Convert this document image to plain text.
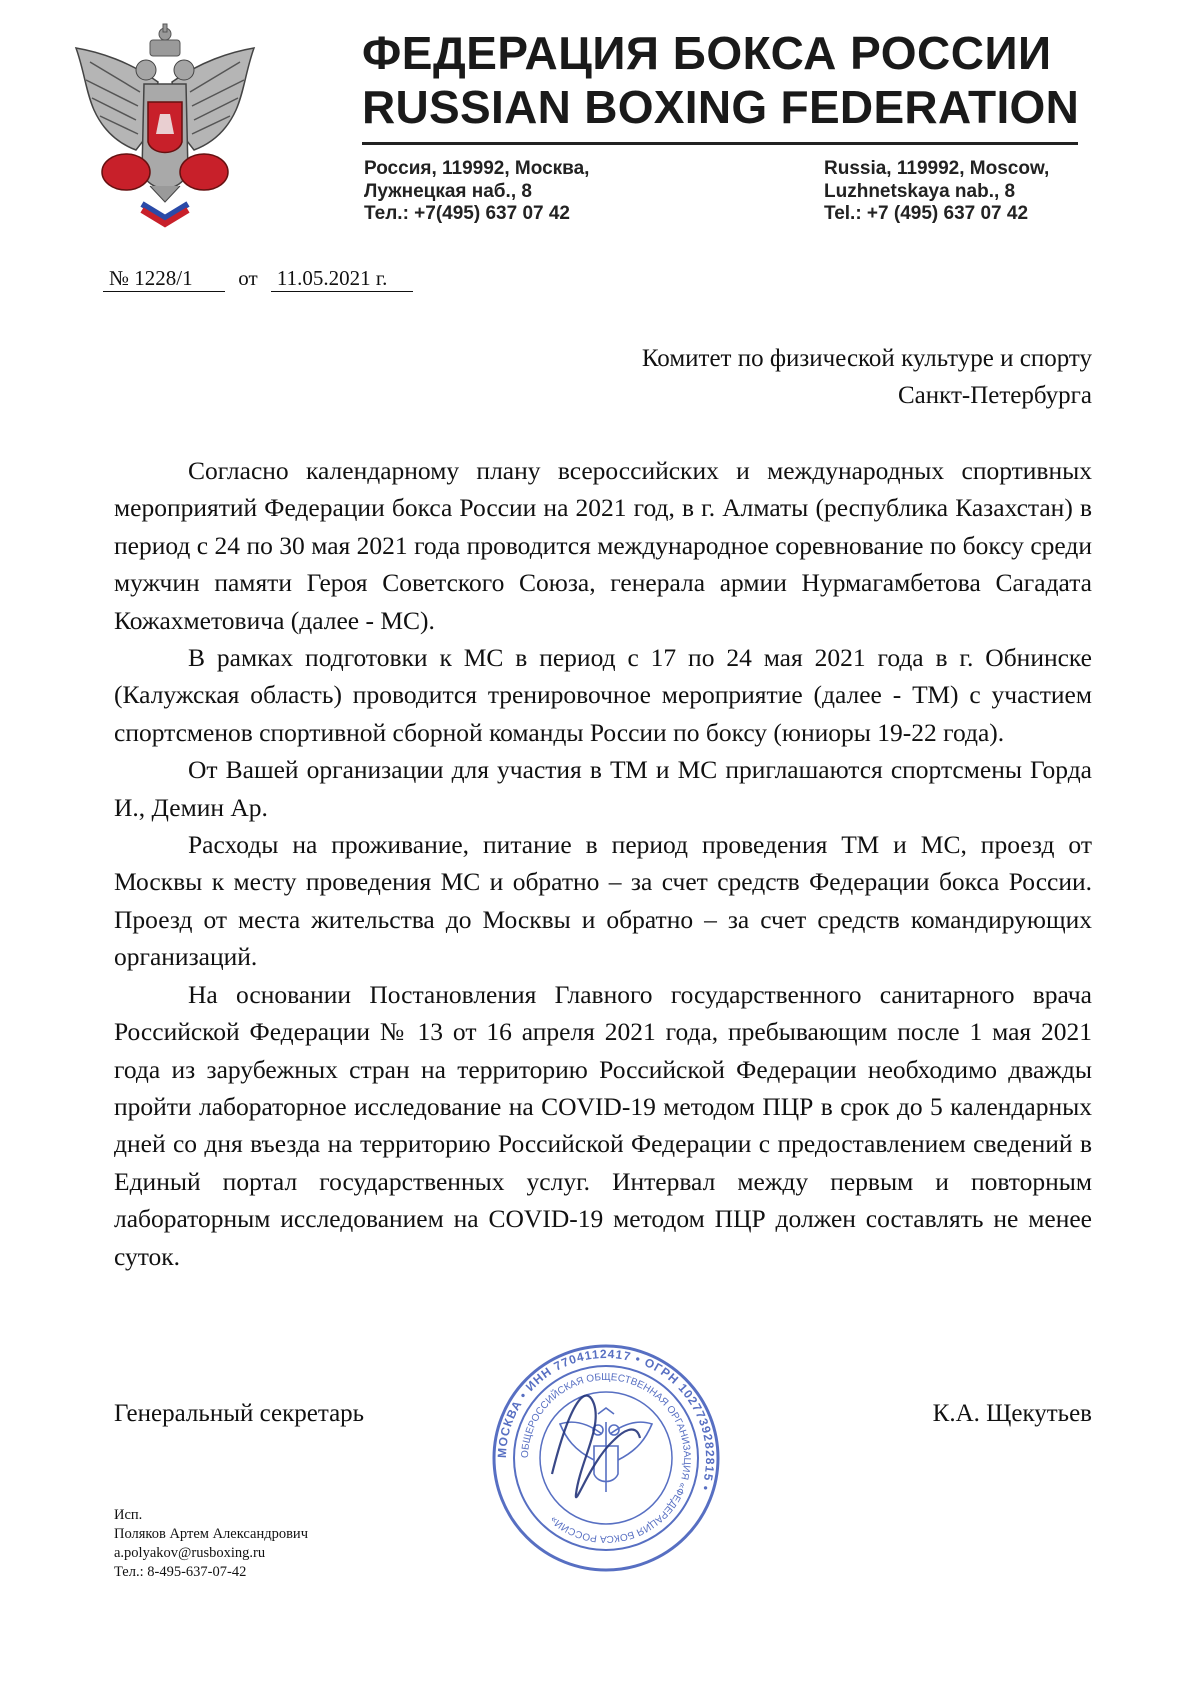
ФЕДЕРАЦИЯ БОКСА РОССИИ
RUSSIAN BOXING FEDERATION
Россия, 119992, Москва,
Лужнецкая наб., 8
Тел.: +7(495) 637 07 42
Russia, 119992, Moscow,
Luzhnetskaya nab., 8
Tel.: +7 (495) 637 07 42
№ 1228/1 от 11.05.2021 г.
Комитет по физической культуре и спорту
Санкт-Петербурга

Согласно календарному плану всероссийских и международных спортивных мероприятий Федерации бокса России на 2021 год, в г. Алматы (республика Казахстан) в период с 24 по 30 мая 2021 года проводится международное соревнование по боксу среди мужчин памяти Героя Советского Союза, генерала армии Нурмагамбетова Сагадата Кожахметовича (далее - МС).

В рамках подготовки к МС в период с 17 по 24 мая 2021 года в г. Обнинске (Калужская область) проводится тренировочное мероприятие (далее - ТМ) с участием спортсменов спортивной сборной команды России по боксу (юниоры 19-22 года).

От Вашей организации для участия в ТМ и МС приглашаются спортсмены Горда И., Демин Ар.

Расходы на проживание, питание в период проведения ТМ и МС, проезд от Москвы к месту проведения МС и обратно – за счет средств Федерации бокса России. Проезд от места жительства до Москвы и обратно – за счет средств командирующих организаций.

На основании Постановления Главного государственного санитарного врача Российской Федерации № 13 от 16 апреля 2021 года, пребывающим после 1 мая 2021 года из зарубежных стран на территорию Российской Федерации необходимо дважды пройти лабораторное исследование на COVID-19 методом ПЦР в срок до 5 календарных дней со дня въезда на территорию Российской Федерации с предоставлением сведений в Единый портал государственных услуг. Интервал между первым и повторным лабораторным исследованием на COVID-19 методом ПЦР должен составлять не менее суток.

Генеральный секретарь	К.А. Щекутьев
МОСКВА • ИНН 7704112417 • ОГРН 1027739282815 •
ОБЩЕРОССИЙСКАЯ ОБЩЕСТВЕННАЯ ОРГАНИЗАЦИЯ «ФЕДЕРАЦИЯ БОКСА РОССИИ»
Исп.
Поляков Артем Александрович
a.polyakov@rusboxing.ru
Тел.: 8-495-637-07-42
